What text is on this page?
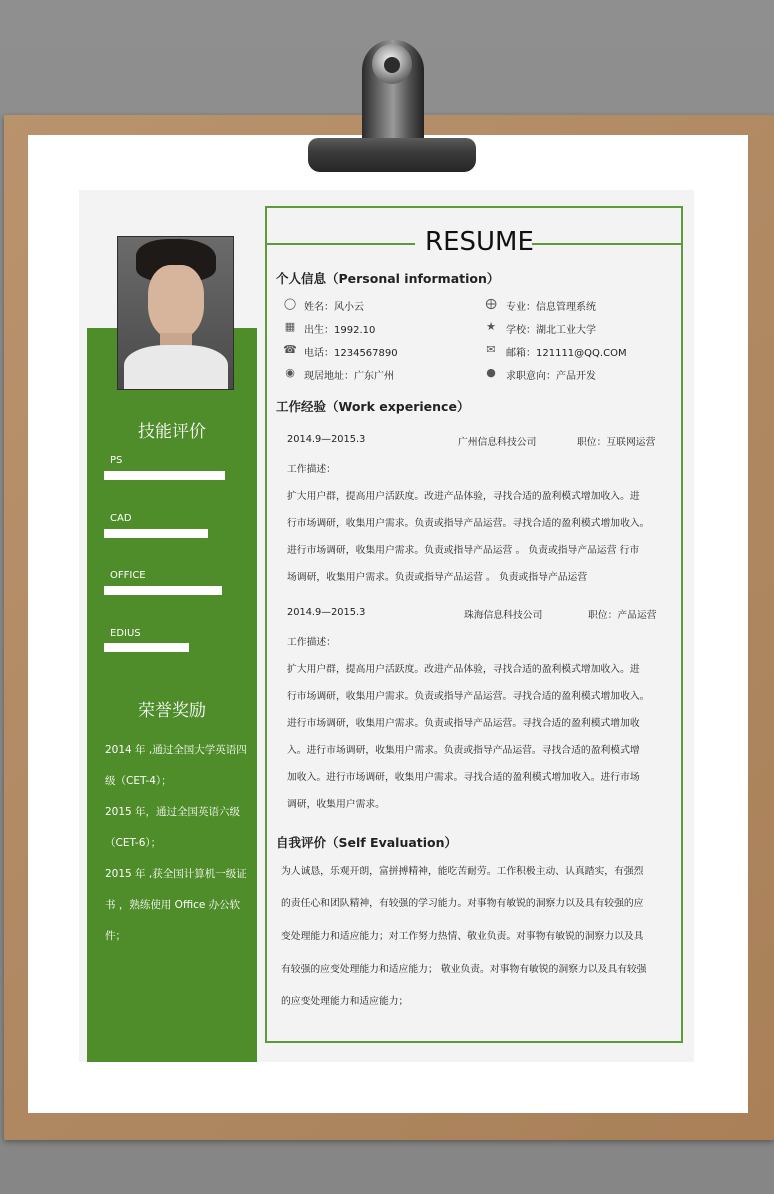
技能评价
PS
CAD
OFFICE
EDIUS
荣誉奖励
2014 年 ,通过全国大学英语四
级（CET-4）；
2015 年，通过全国英语六级
（CET-6）；
2015 年 ,获全国计算机一级证
书 ，熟练使用 Office 办公软
件；
RESUME
个人信息（Personal information）
◯ 姓名：风小云	⨁ 专业：信息管理系统
▦ 出生：1992.10	★ 学校：湖北工业大学
☎ 电话：1234567890	✉ 邮箱：121111@QQ.COM
◉ 现居地址：广东广州	● 求职意向：产品开发
工作经验（Work experience）
2014.9—2015.3	广州信息科技公司	职位：互联网运营
工作描述：
扩大用户群，提高用户活跃度。改进产品体验，寻找合适的盈利模式增加收入。进
行市场调研，收集用户需求。负责或指导产品运营。寻找合适的盈利模式增加收入。
进行市场调研，收集用户需求。负责或指导产品运营 。 负责或指导产品运营 行市
场调研，收集用户需求。负责或指导产品运营 。 负责或指导产品运营
2014.9—2015.3	珠海信息科技公司	职位：产品运营
工作描述：
扩大用户群，提高用户活跃度。改进产品体验，寻找合适的盈利模式增加收入。进
行市场调研，收集用户需求。负责或指导产品运营。寻找合适的盈利模式增加收入。
进行市场调研，收集用户需求。负责或指导产品运营。寻找合适的盈利模式增加收
入。进行市场调研，收集用户需求。负责或指导产品运营。寻找合适的盈利模式增
加收入。进行市场调研，收集用户需求。寻找合适的盈利模式增加收入。进行市场
调研，收集用户需求。
自我评价（Self Evaluation）
为人诚恳，乐观开朗，富拼搏精神，能吃苦耐劳。工作积极主动、认真踏实，有强烈
的责任心和团队精神，有较强的学习能力。对事物有敏锐的洞察力以及具有较强的应
变处理能力和适应能力；对工作努力热情、敬业负责。对事物有敏锐的洞察力以及具
有较强的应变处理能力和适应能力； 敬业负责。对事物有敏锐的洞察力以及具有较强
的应变处理能力和适应能力；
